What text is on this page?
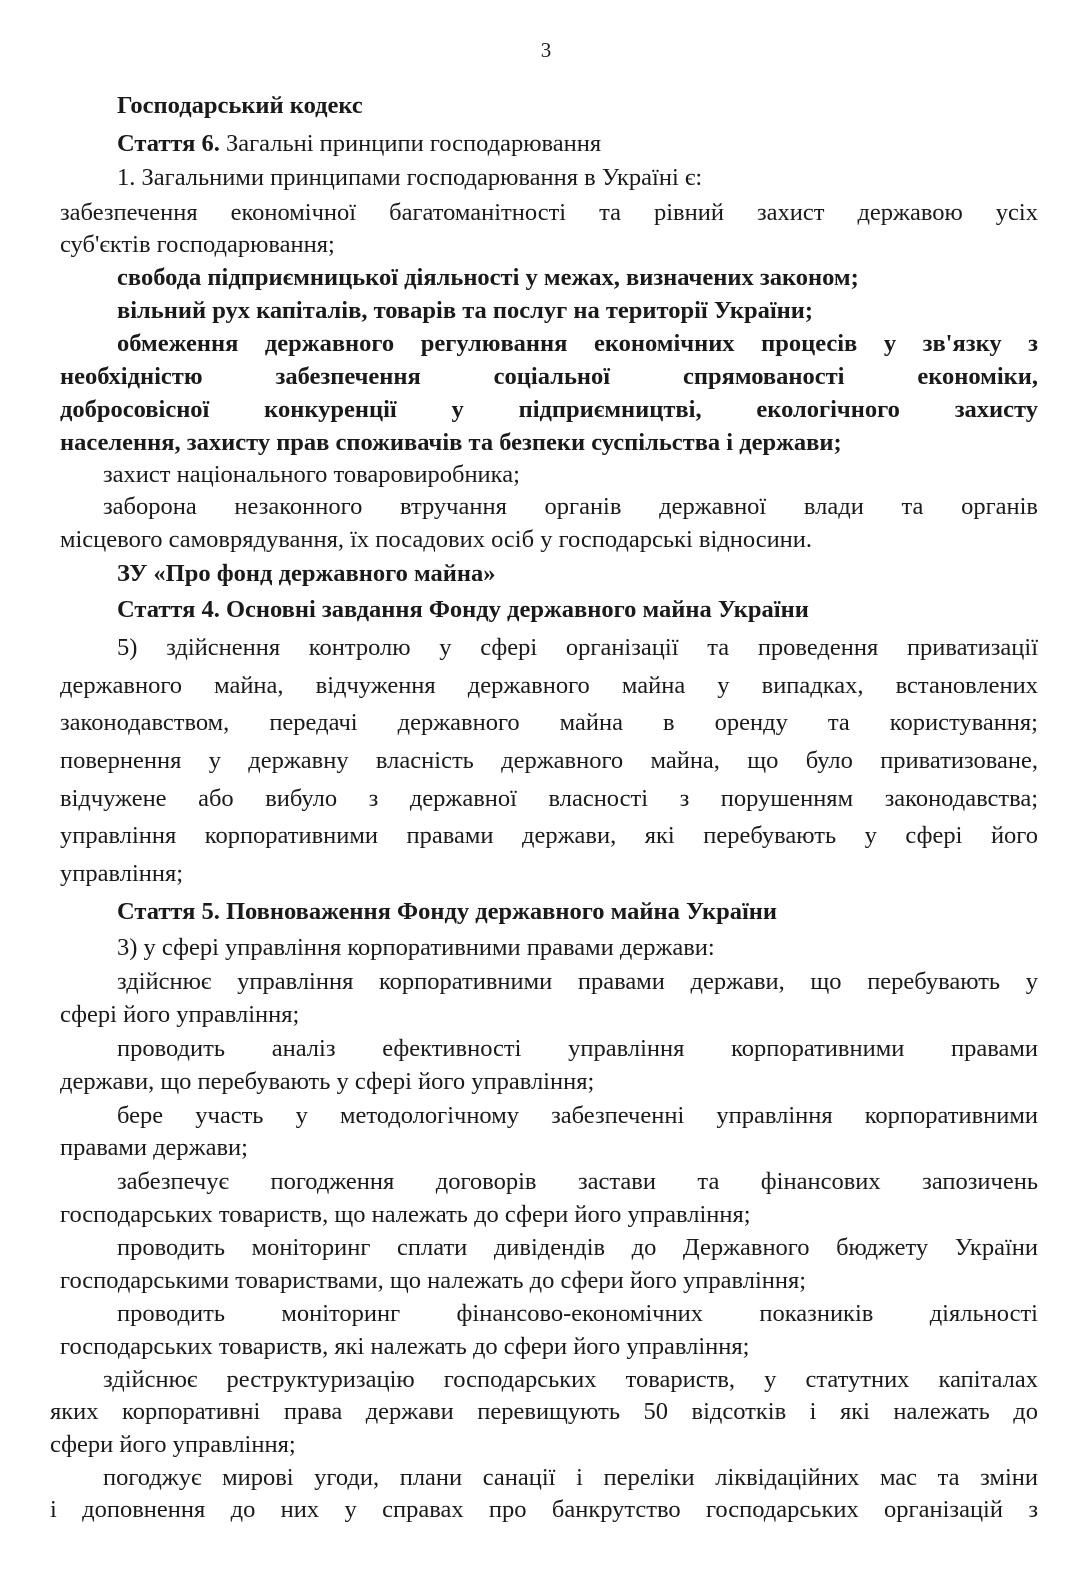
3
Господарський кодекс
Стаття 6. Загальні принципи господарювання
1. Загальними принципами господарювання в Україні є:
забезпечення економічної багатоманітності та рівний захист державою усіх
суб'єктів господарювання;
свобода підприємницької діяльності у межах, визначених законом;
вільний рух капіталів, товарів та послуг на території України;
обмеження державного регулювання економічних процесів у зв'язку з
необхідністю забезпечення соціальної спрямованості економіки,
добросовісної конкуренції у підприємництві, екологічного захисту
населення, захисту прав споживачів та безпеки суспільства і держави;
захист національного товаровиробника;
заборона незаконного втручання органів державної влади та органів
місцевого самоврядування, їх посадових осіб у господарські відносини.
ЗУ «Про фонд державного майна»
Стаття 4. Основні завдання Фонду державного майна України
5) здійснення контролю у сфері організації та проведення приватизації
державного майна, відчуження державного майна у випадках, встановлених
законодавством, передачі державного майна в оренду та користування;
повернення у державну власність державного майна, що було приватизоване,
відчужене або вибуло з державної власності з порушенням законодавства;
управління корпоративними правами держави, які перебувають у сфері його
управління;
Стаття 5. Повноваження Фонду державного майна України
3) у сфері управління корпоративними правами держави:
здійснює управління корпоративними правами держави, що перебувають у
сфері його управління;
проводить аналіз ефективності управління корпоративними правами
держави, що перебувають у сфері його управління;
бере участь у методологічному забезпеченні управління корпоративними
правами держави;
забезпечує погодження договорів застави та фінансових запозичень
господарських товариств, що належать до сфери його управління;
проводить моніторинг сплати дивідендів до Державного бюджету України
господарськими товариствами, що належать до сфери його управління;
проводить моніторинг фінансово-економічних показників діяльності
господарських товариств, які належать до сфери його управління;
здійснює реструктуризацію господарських товариств, у статутних капіталах
яких корпоративні права держави перевищують 50 відсотків і які належать до
сфери його управління;
погоджує мирові угоди, плани санації і переліки ліквідаційних мас та зміни
і доповнення до них у справах про банкрутство господарських організацій з
